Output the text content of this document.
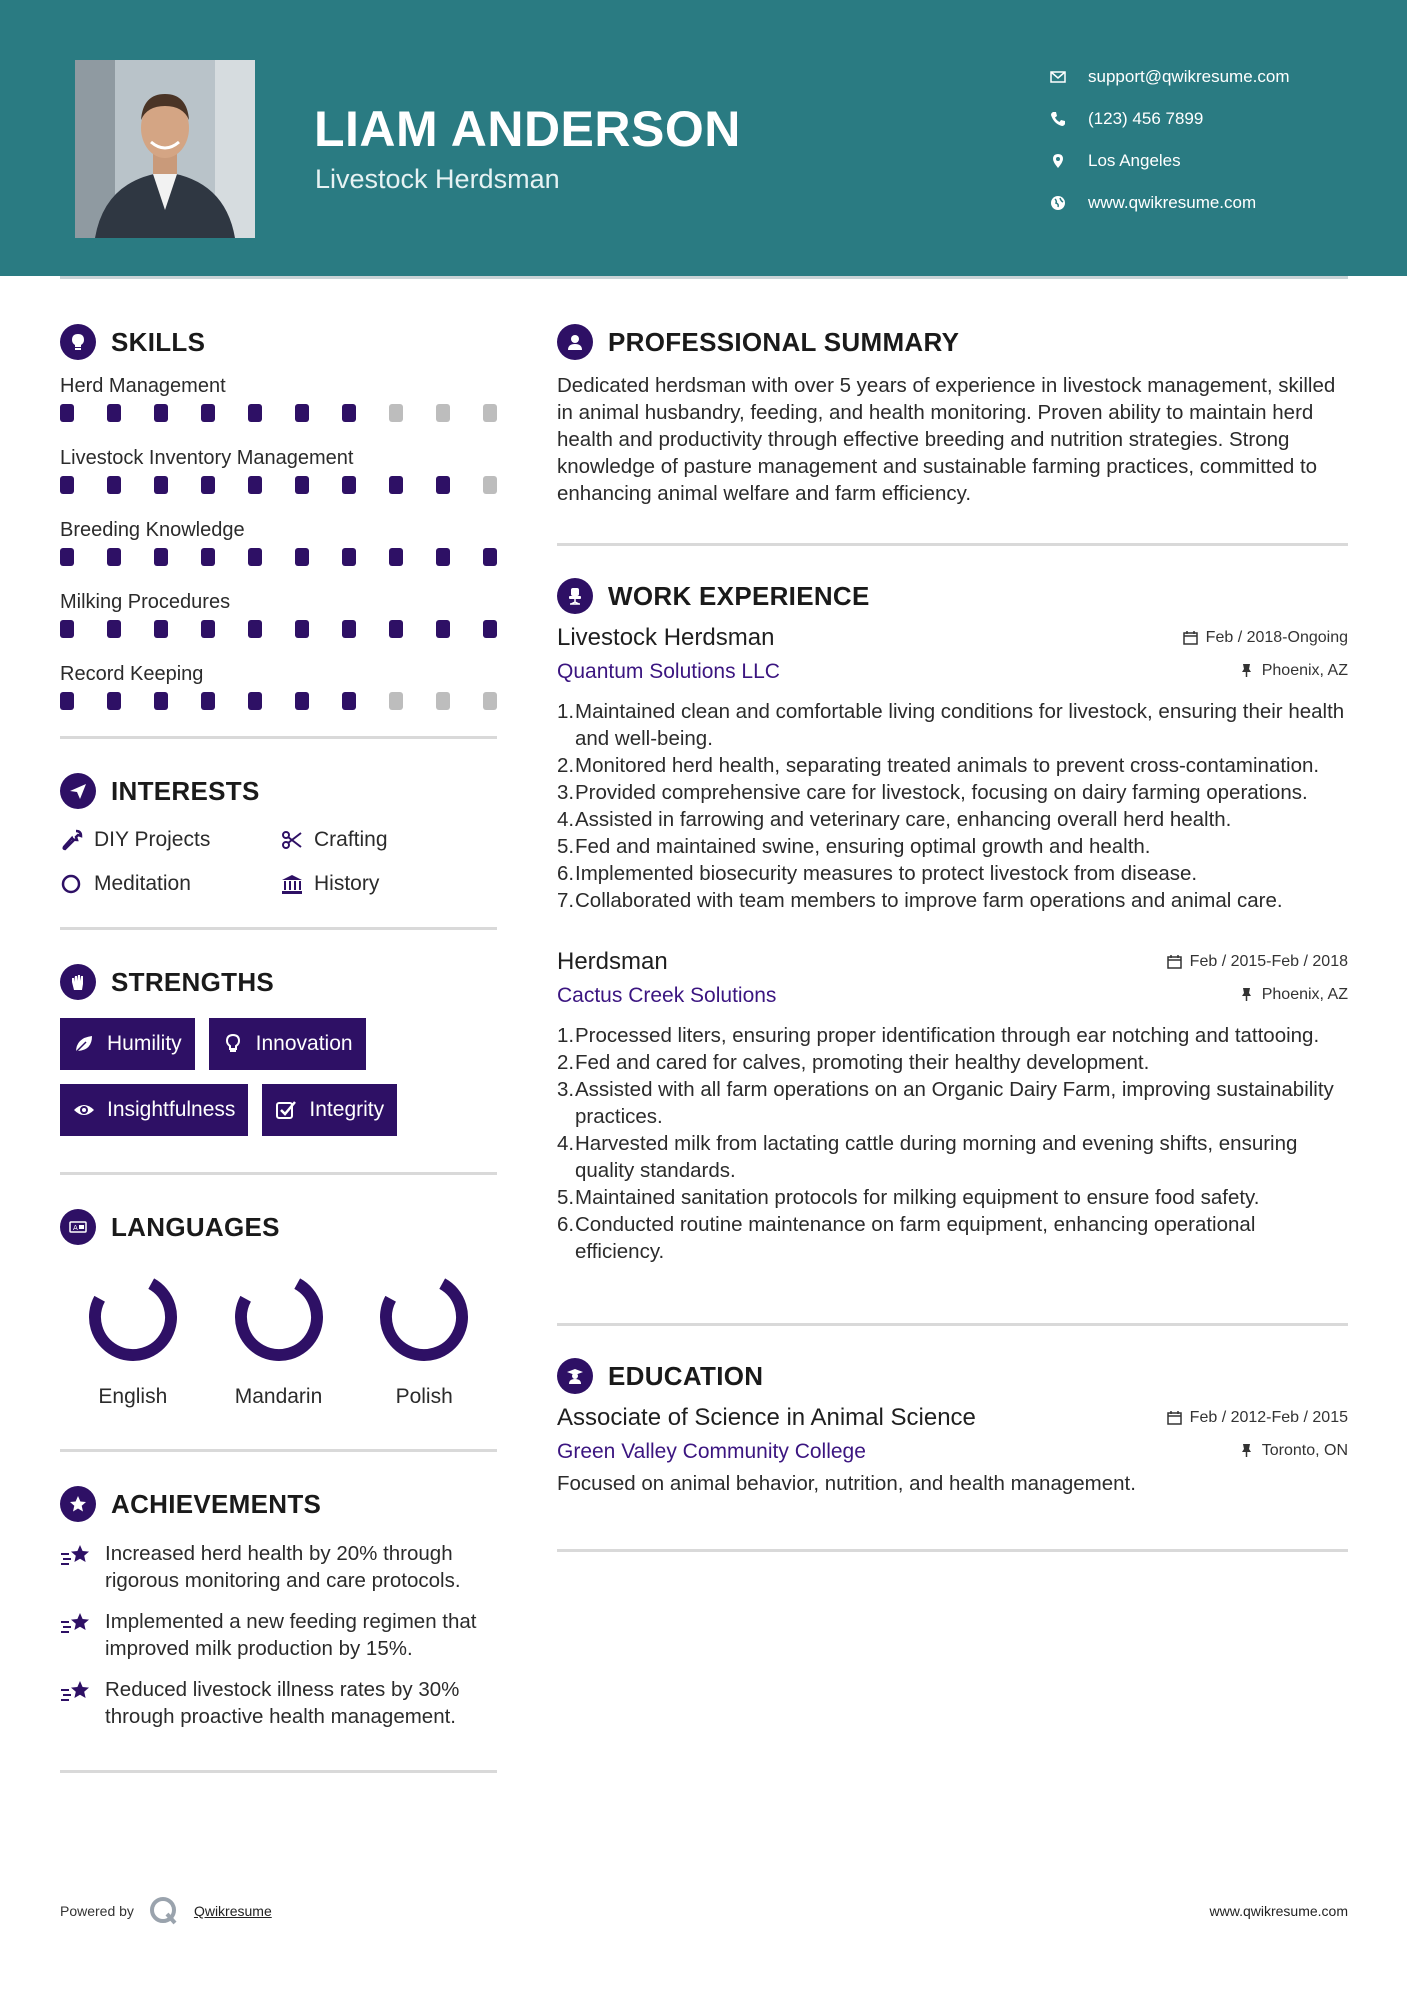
LIAM ANDERSON
Livestock Herdsman
support@qwikresume.com
(123) 456 7899
Los Angeles
www.qwikresume.com
SKILLS
Herd Management
Livestock Inventory Management
Breeding Knowledge
Milking Procedures
Record Keeping
INTERESTS
DIY Projects	Crafting
Meditation	History
STRENGTHS
Humility	Innovation
Insightfulness	Integrity
A LANGUAGES
English	Mandarin	Polish
ACHIEVEMENTS
Increased herd health by 20% through rigorous monitoring and care protocols.
Implemented a new feeding regimen that improved milk production by 15%.
Reduced livestock illness rates by 30% through proactive health management.
PROFESSIONAL SUMMARY

Dedicated herdsman with over 5 years of experience in livestock management, skilled in animal husbandry, feeding, and health monitoring. Proven ability to maintain herd health and productivity through effective breeding and nutrition strategies. Strong knowledge of pasture management and sustainable farming practices, committed to enhancing animal welfare and farm efficiency.

WORK EXPERIENCE
Livestock Herdsman	Feb / 2018-Ongoing
Quantum Solutions LLC	Phoenix, AZ
1.Maintained clean and comfortable living conditions for livestock, ensuring their health and well-being.
2.Monitored herd health, separating treated animals to prevent cross-contamination.
3.Provided comprehensive care for livestock, focusing on dairy farming operations.
4.Assisted in farrowing and veterinary care, enhancing overall herd health.
5.Fed and maintained swine, ensuring optimal growth and health.
6.Implemented biosecurity measures to protect livestock from disease.
7.Collaborated with team members to improve farm operations and animal care.
Herdsman	Feb / 2015-Feb / 2018
Cactus Creek Solutions	Phoenix, AZ
1.Processed liters, ensuring proper identification through ear notching and tattooing.
2.Fed and cared for calves, promoting their healthy development.
3.Assisted with all farm operations on an Organic Dairy Farm, improving sustainability practices.
4.Harvested milk from lactating cattle during morning and evening shifts, ensuring quality standards.
5.Maintained sanitation protocols for milking equipment to ensure food safety.
6.Conducted routine maintenance on farm equipment, enhancing operational efficiency.
EDUCATION
Associate of Science in Animal Science	Feb / 2012-Feb / 2015
Green Valley Community College	Toronto, ON

Focused on animal behavior, nutrition, and health management.

Powered by	Qwikresume	www.qwikresume.com
